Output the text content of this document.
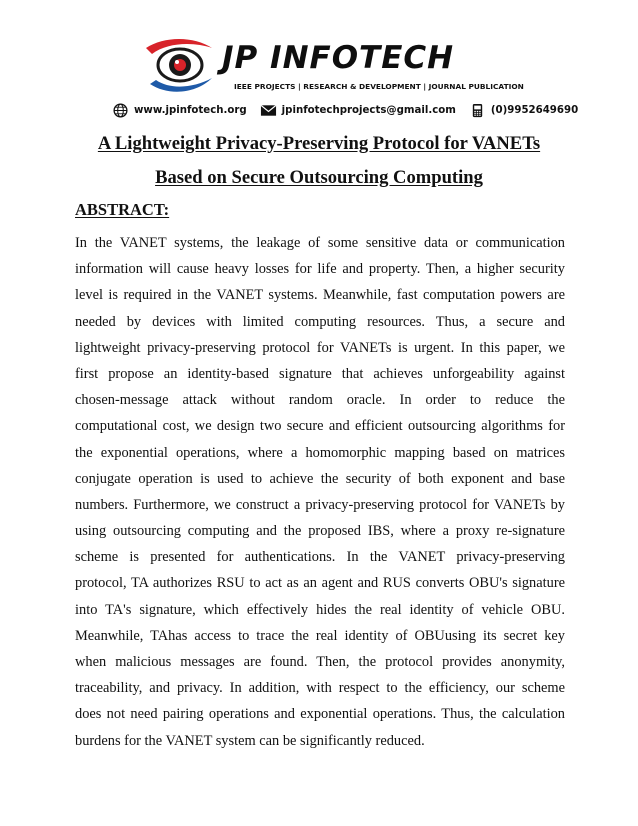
JP INFOTECH
IEEE PROJECTS | RESEARCH & DEVELOPMENT | JOURNAL PUBLICATION
www.jpinfotech.org	jpinfotechprojects@gmail.com	(0)9952649690
A Lightweight Privacy-Preserving Protocol for VANETs
Based on Secure Outsourcing Computing
ABSTRACT:
In the VANET systems, the leakage of some sensitive data or communication
information will cause heavy losses for life and property. Then, a higher security
level is required in the VANET systems. Meanwhile, fast computation powers are
needed by devices with limited computing resources. Thus, a secure and
lightweight privacy-preserving protocol for VANETs is urgent. In this paper, we
first propose an identity-based signature that achieves unforgeability against
chosen-message attack without random oracle. In order to reduce the
computational cost, we design two secure and efficient outsourcing algorithms for
the exponential operations, where a homomorphic mapping based on matrices
conjugate operation is used to achieve the security of both exponent and base
numbers. Furthermore, we construct a privacy-preserving protocol for VANETs by
using outsourcing computing and the proposed IBS, where a proxy re-signature
scheme is presented for authentications. In the VANET privacy-preserving
protocol, TA authorizes RSU to act as an agent and RUS converts OBU's signature
into TA's signature, which effectively hides the real identity of vehicle OBU.
Meanwhile, TAhas access to trace the real identity of OBUusing its secret key
when malicious messages are found. Then, the protocol provides anonymity,
traceability, and privacy. In addition, with respect to the efficiency, our scheme
does not need pairing operations and exponential operations. Thus, the calculation
burdens for the VANET system can be significantly reduced.
